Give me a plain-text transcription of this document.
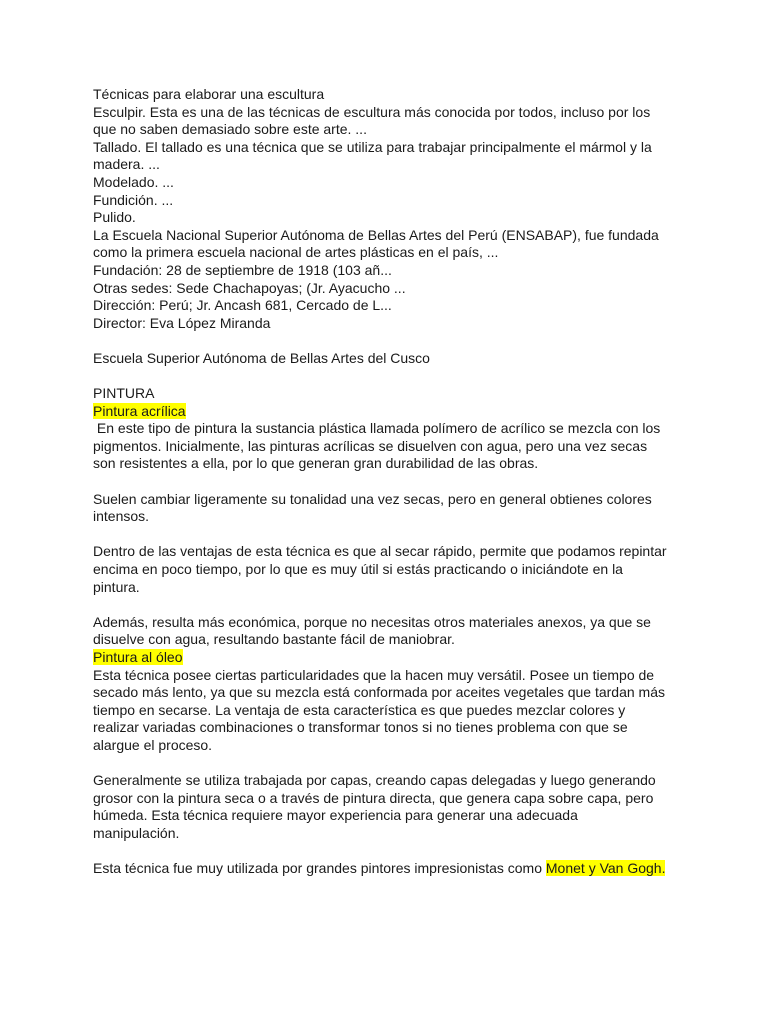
Técnicas para elaborar una escultura
Esculpir. Esta es una de las técnicas de escultura más conocida por todos, incluso por los
que no saben demasiado sobre este arte. ...
Tallado. El tallado es una técnica que se utiliza para trabajar principalmente el mármol y la
madera. ...
Modelado. ...
Fundición. ...
Pulido.
La Escuela Nacional Superior Autónoma de Bellas Artes del Perú (ENSABAP), fue fundada
como la primera escuela nacional de artes plásticas en el país, ...
Fundación: 28 de septiembre de 1918 (103 añ...
Otras sedes: Sede Chachapoyas; (Jr. Ayacucho ...
Dirección: Perú; Jr. Ancash 681, Cercado de L...
Director: Eva López Miranda
Escuela Superior Autónoma de Bellas Artes del Cusco
PINTURA
Pintura acrílica
En este tipo de pintura la sustancia plástica llamada polímero de acrílico se mezcla con los
pigmentos. Inicialmente, las pinturas acrílicas se disuelven con agua, pero una vez secas
son resistentes a ella, por lo que generan gran durabilidad de las obras.
Suelen cambiar ligeramente su tonalidad una vez secas, pero en general obtienes colores
intensos.
Dentro de las ventajas de esta técnica es que al secar rápido, permite que podamos repintar
encima en poco tiempo, por lo que es muy útil si estás practicando o iniciándote en la
pintura.
Además, resulta más económica, porque no necesitas otros materiales anexos, ya que se
disuelve con agua, resultando bastante fácil de maniobrar.
Pintura al óleo
Esta técnica posee ciertas particularidades que la hacen muy versátil. Posee un tiempo de
secado más lento, ya que su mezcla está conformada por aceites vegetales que tardan más
tiempo en secarse. La ventaja de esta característica es que puedes mezclar colores y
realizar variadas combinaciones o transformar tonos si no tienes problema con que se
alargue el proceso.
Generalmente se utiliza trabajada por capas, creando capas delegadas y luego generando
grosor con la pintura seca o a través de pintura directa, que genera capa sobre capa, pero
húmeda. Esta técnica requiere mayor experiencia para generar una adecuada
manipulación.
Esta técnica fue muy utilizada por grandes pintores impresionistas como Monet y Van Gogh.
